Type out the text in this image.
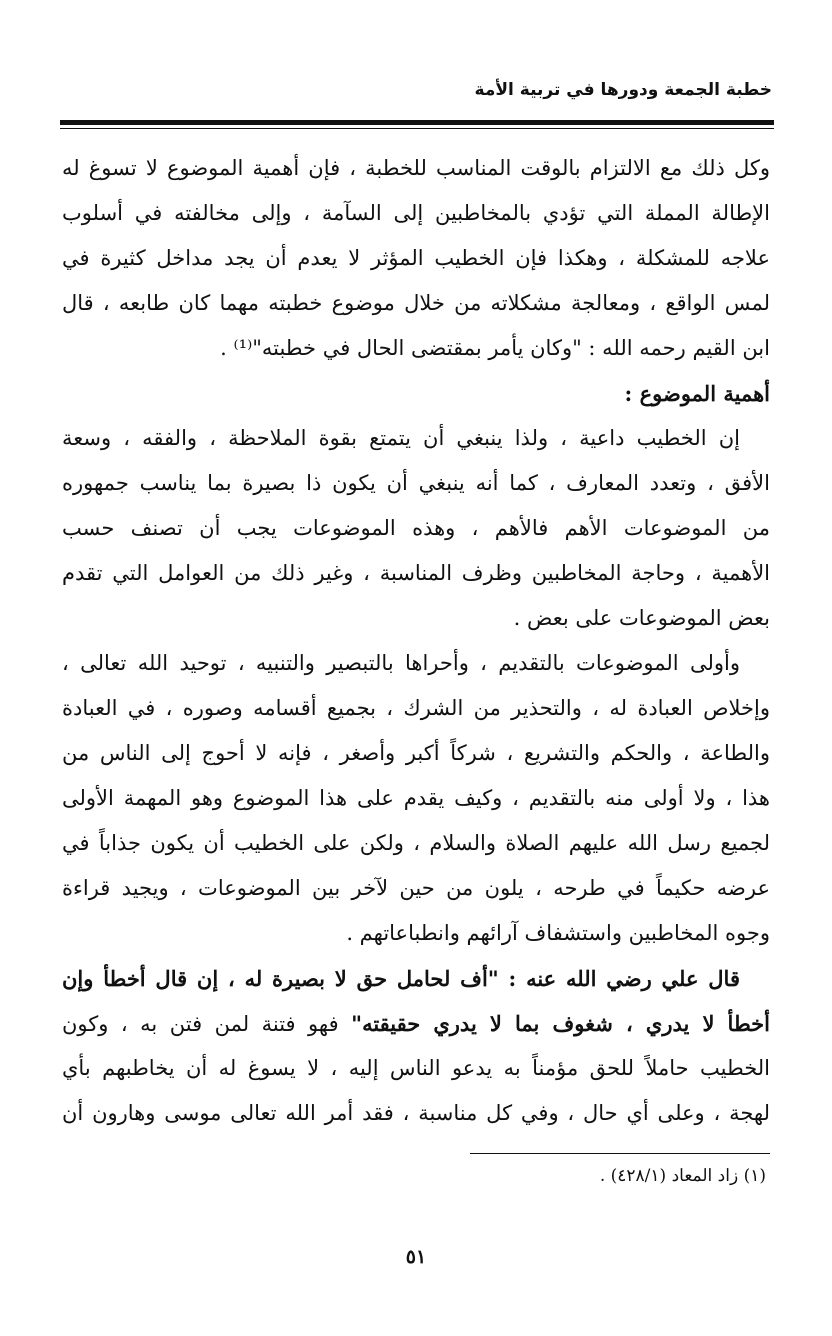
خطبة الجمعة ودورها في تربية الأمة
وكل ذلك مع الالتزام بالوقت المناسب للخطبة ، فإن أهمية الموضوع لا تسوغ له
الإطالة المملة التي تؤدي بالمخاطبين إلى السآمة ، وإلى مخالفته في أسلوب
علاجه للمشكلة ، وهكذا فإن الخطيب المؤثر لا يعدم أن يجد مداخل كثيرة في
لمس الواقع ، ومعالجة مشكلاته من خلال موضوع خطبته مهما كان طابعه ، قال
ابن القيم رحمه الله : "وكان يأمر بمقتضى الحال في خطبته"⁽¹⁾ .
أهمية الموضوع :
إن الخطيب داعية ، ولذا ينبغي أن يتمتع بقوة الملاحظة ، والفقه ، وسعة
الأفق ، وتعدد المعارف ، كما أنه ينبغي أن يكون ذا بصيرة بما يناسب جمهوره
من الموضوعات الأهم فالأهم ، وهذه الموضوعات يجب أن تصنف حسب
الأهمية ، وحاجة المخاطبين وظرف المناسبة ، وغير ذلك من العوامل التي تقدم
بعض الموضوعات على بعض .
وأولى الموضوعات بالتقديم ، وأحراها بالتبصير والتنبيه ، توحيد الله تعالى ،
وإخلاص العبادة له ، والتحذير من الشرك ، بجميع أقسامه وصوره ، في العبادة
والطاعة ، والحكم والتشريع ، شركاً أكبر وأصغر ، فإنه لا أحوج إلى الناس من
هذا ، ولا أولى منه بالتقديم ، وكيف يقدم على هذا الموضوع وهو المهمة الأولى
لجميع رسل الله عليهم الصلاة والسلام ، ولكن على الخطيب أن يكون جذاباً في
عرضه حكيماً في طرحه ، يلون من حين لآخر بين الموضوعات ، ويجيد قراءة
وجوه المخاطبين واستشفاف آرائهم وانطباعاتهم .
قال علي رضي الله عنه : "أف لحامل حق لا بصيرة له ، إن قال أخطأ وإن
أخطأ لا يدري ، شغوف بما لا يدري حقيقته" فهو فتنة لمن فتن به ، وكون
الخطيب حاملاً للحق مؤمناً به يدعو الناس إليه ، لا يسوغ له أن يخاطبهم بأي
لهجة ، وعلى أي حال ، وفي كل مناسبة ، فقد أمر الله تعالى موسى وهارون أن
(١) زاد المعاد (٤٢٨/١) .
٥١
